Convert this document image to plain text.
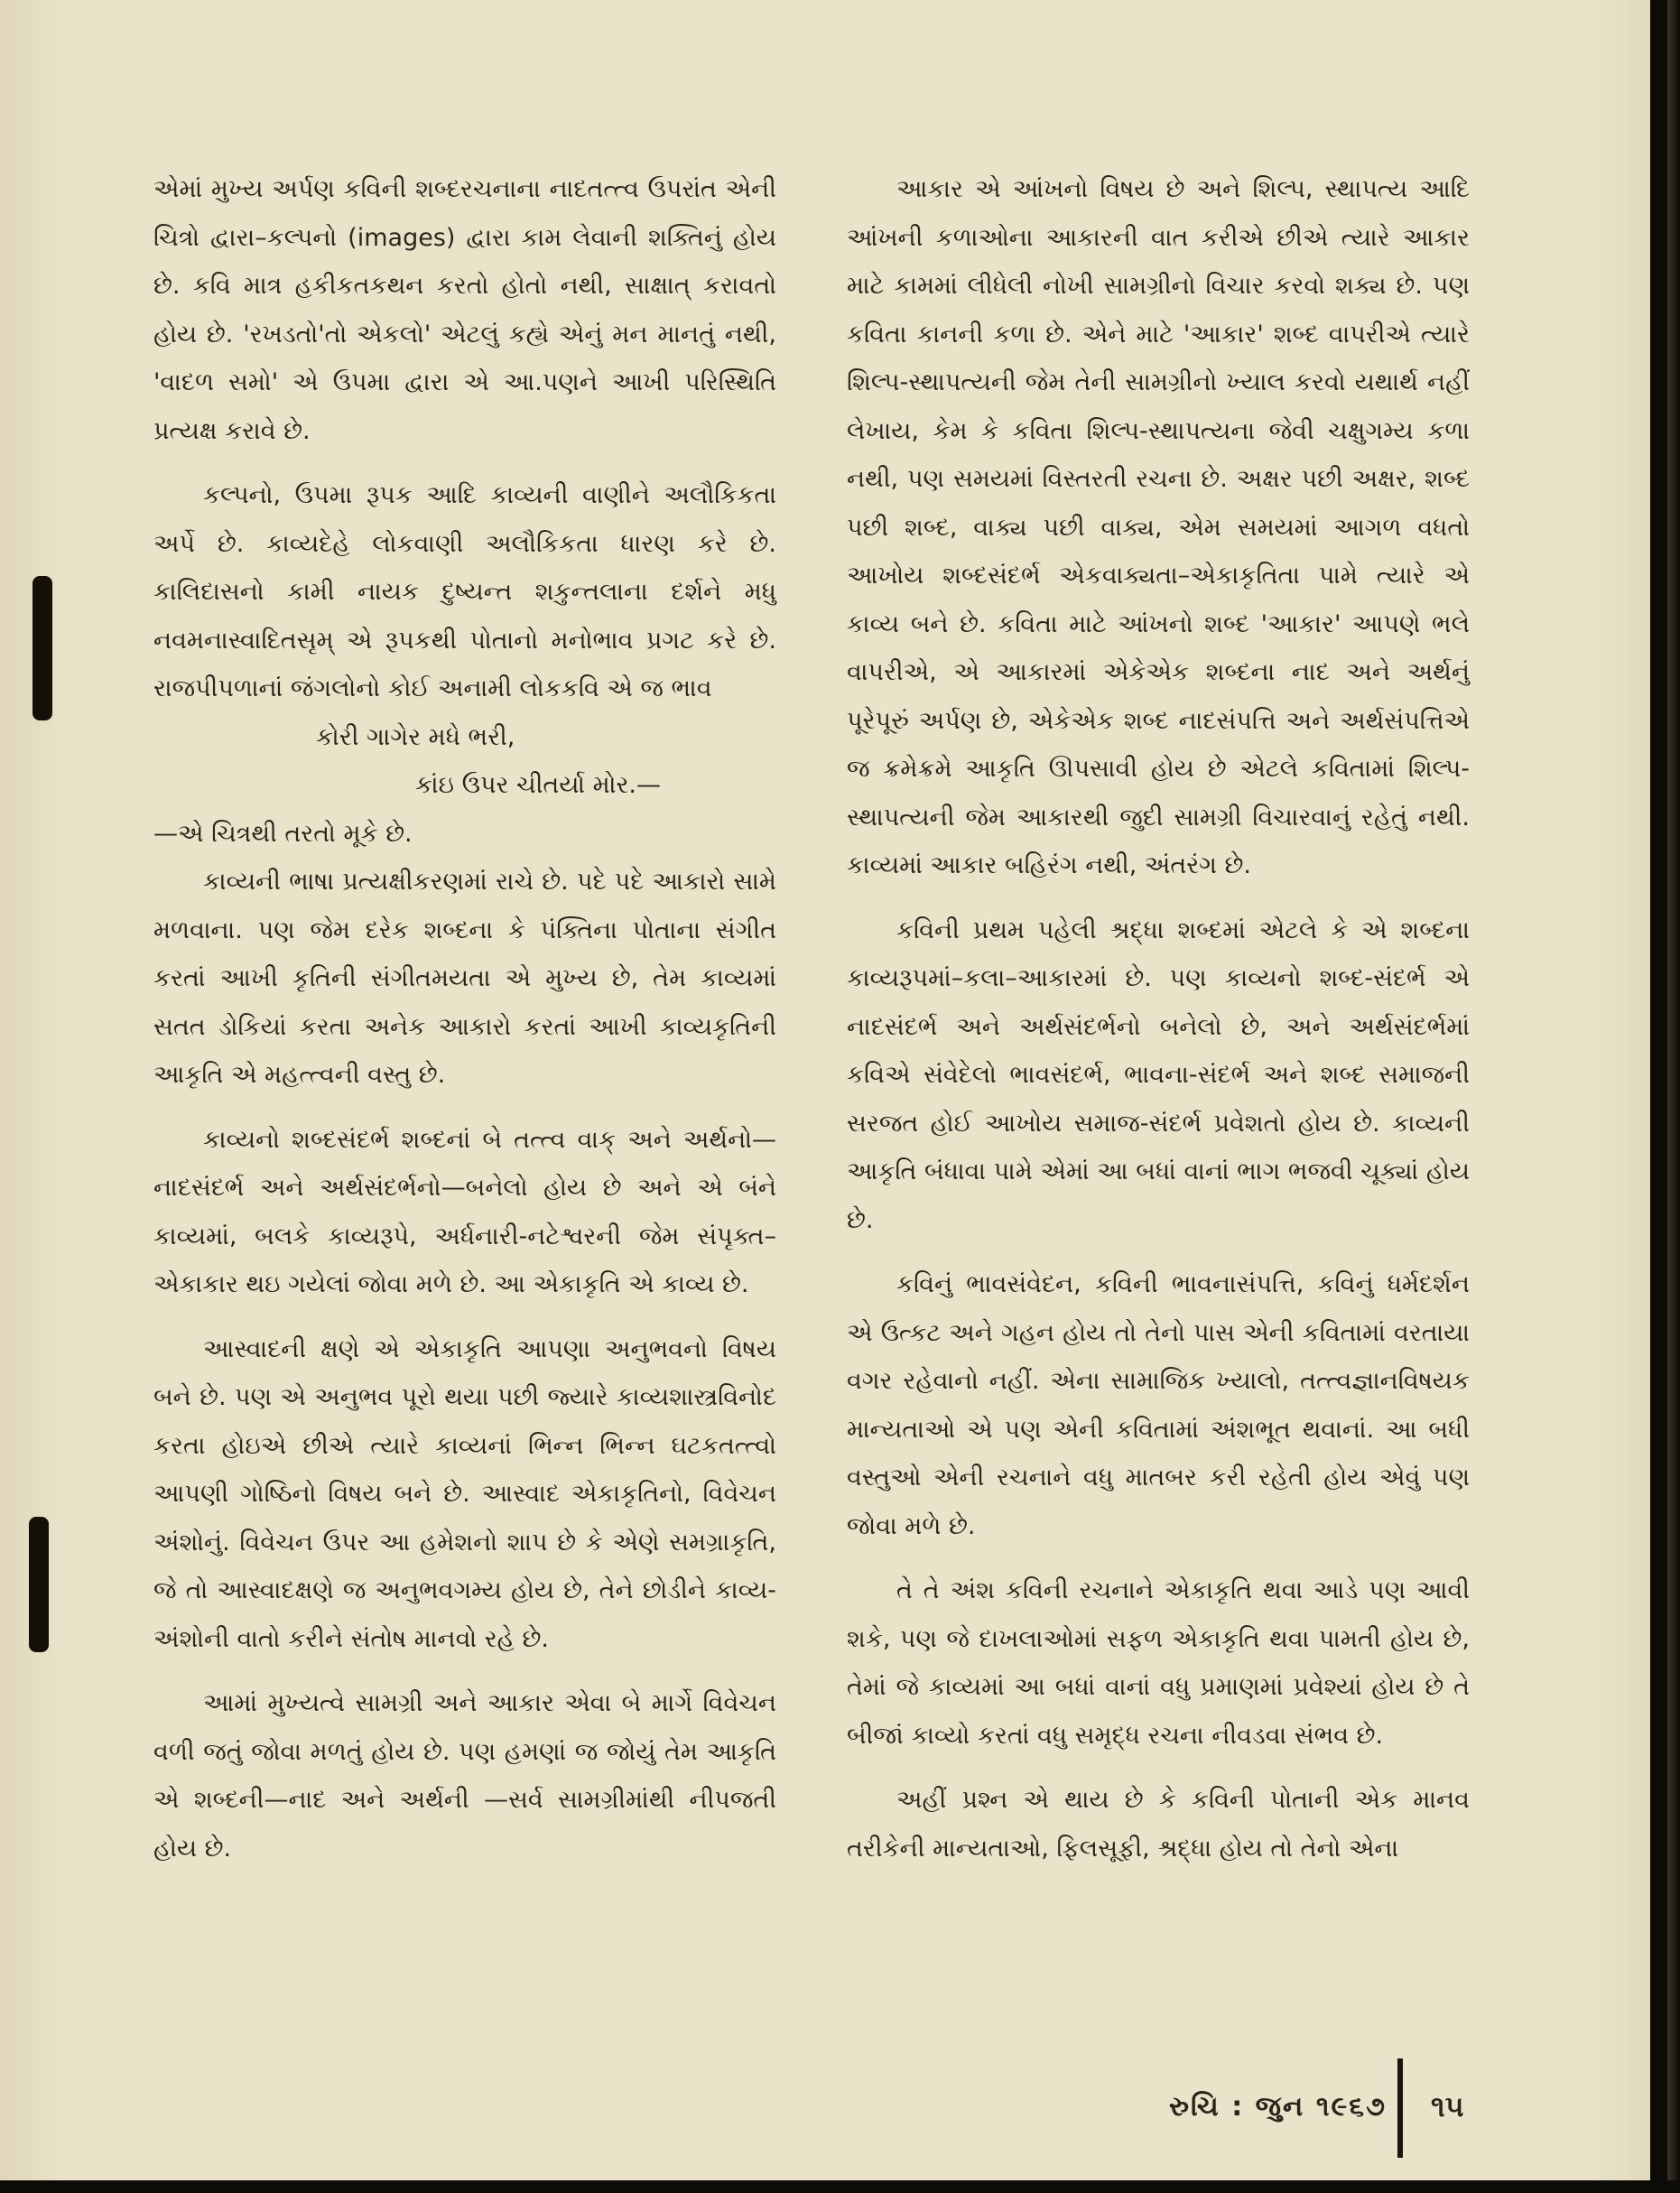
એમાં મુખ્ય અર્પણ કવિની શબ્દરચનાના નાદતત્ત્વ ઉપરાંત એની ચિત્રો દ્વારા–કલ્પનો (images) દ્વારા કામ લેવાની શક્તિનું હોય છે. કવિ માત્ર હકીકતકથન કરતો હોતો નથી, સાક્ષાત્ કરાવતો હોય છે. 'રખડતો'તો એકલો' એટલું કહ્યે એનું મન માનતું નથી, 'વાદળ સમો' એ ઉપમા દ્વારા એ આ.પણને આખી પરિસ્થિતિ પ્રત્યક્ષ કરાવે છે.

કલ્પનો, ઉપમા રૂપક આદિ કાવ્યની વાણીને અલૌકિકતા અર્પે છે. કાવ્યદેહે લોકવાણી અલૌકિકતા ધારણ કરે છે. કાલિદાસનો કામી નાયક દુષ્યન્ત શકુન્તલાના દર્શને મધુ નવમનાસ્વાદિતસૃમ્ એ રૂપકથી પોતાનો મનોભાવ પ્રગટ કરે છે. રાજપીપળાનાં જંગલોનો કોઈ અનામી લોકકવિ એ જ ભાવ

કોરી ગાગેર મધે ભરી,

કાંઇ ઉપર ચીતર્યા મોર.—

—એ ચિત્રથી તરતો મૂકે છે.

કાવ્યની ભાષા પ્રત્યક્ષીકરણમાં રાચે છે. પદે પદે આકારો સામે મળવાના. પણ જેમ દરેક શબ્દના કે પંક્તિના પોતાના સંગીત કરતાં આખી કૃતિની સંગીતમયતા એ મુખ્ય છે, તેમ કાવ્યમાં સતત ડોકિયાં કરતા અનેક આકારો કરતાં આખી કાવ્યકૃતિની આકૃતિ એ મહત્ત્વની વસ્તુ છે.

કાવ્યનો શબ્દસંદર્ભ શબ્દનાં બે તત્ત્વ વાક્ અને અર્થનો—નાદસંદર્ભ અને અર્થસંદર્ભનો—બનેલો હોય છે અને એ બંને કાવ્યમાં, બલકે કાવ્યરૂપે, અર્ધનારી-નટેશ્વરની જેમ સંપૃક્ત–એકાકાર થઇ ગયેલાં જોવા મળે છે. આ એકાકૃતિ એ કાવ્ય છે.

આસ્વાદની ક્ષણે એ એકાકૃતિ આપણા અનુભવનો વિષય બને છે. પણ એ અનુભવ પૂરો થયા પછી જ્યારે કાવ્યશાસ્ત્રવિનોદ કરતા હોઇએ છીએ ત્યારે કાવ્યનાં ભિન્ન ભિન્ન ઘટકતત્ત્વો આપણી ગોષ્ઠિનો વિષય બને છે. આસ્વાદ એકાકૃતિનો, વિવેચન અંશોનું. વિવેચન ઉપર આ હમેશનો શાપ છે કે એણે સમગ્રાકૃતિ, જે તો આસ્વાદક્ષણે જ અનુભવગમ્ય હોય છે, તેને છોડીને કાવ્ય-અંશોની વાતો કરીને સંતોષ માનવો રહે છે.

આમાં મુખ્યત્વે સામગ્રી અને આકાર એવા બે માર્ગે વિવેચન વળી જતું જોવા મળતું હોય છે. પણ હમણાં જ જોયું તેમ આકૃતિ એ શબ્દની—નાદ અને અર્થની —સર્વ સામગ્રીમાંથી નીપજતી હોય છે.

આકાર એ આંખનો વિષય છે અને શિલ્પ, સ્થાપત્ય આદિ આંખની કળાઓના આકારની વાત કરીએ છીએ ત્યારે આકાર માટે કામમાં લીધેલી નોખી સામગ્રીનો વિચાર કરવો શક્ય છે. પણ કવિતા કાનની કળા છે. એને માટે 'આકાર' શબ્દ વાપરીએ ત્યારે શિલ્પ-સ્થાપત્યની જેમ તેની સામગ્રીનો ખ્યાલ કરવો યથાર્થ નહીં લેખાય, કેમ કે કવિતા શિલ્પ-સ્થાપત્યના જેવી ચક્ષુગમ્ય કળા નથી, પણ સમયમાં વિસ્તરતી રચના છે. અક્ષર પછી અક્ષર, શબ્દ પછી શબ્દ, વાક્ય પછી વાક્ય, એમ સમયમાં આગળ વધતો આખોય શબ્દસંદર્ભ એકવાક્યતા–એકાકૃતિતા પામે ત્યારે એ કાવ્ય બને છે. કવિતા માટે આંખનો શબ્દ 'આકાર' આપણે ભલે વાપરીએ, એ આકારમાં એકેએક શબ્દના નાદ અને અર્થનું પૂરેપૂરું અર્પણ છે, એકેએક શબ્દ નાદસંપત્તિ અને અર્થસંપત્તિએ જ ક્રમેક્રમે આકૃતિ ઊપસાવી હોય છે એટલે કવિતામાં શિલ્પ-સ્થાપત્યની જેમ આકારથી જુદી સામગ્રી વિચારવાનું રહેતું નથી. કાવ્યમાં આકાર બહિરંગ નથી, અંતરંગ છે.

કવિની પ્રથમ પહેલી શ્રદ્ધા શબ્દમાં એટલે કે એ શબ્દના કાવ્યરૂપમાં–કલા–આકારમાં છે. પણ કાવ્યનો શબ્દ-સંદર્ભ એ નાદસંદર્ભ અને અર્થસંદર્ભનો બનેલો છે, અને અર્થસંદર્ભમાં કવિએ સંવેદેલો ભાવસંદર્ભ, ભાવના-સંદર્ભ અને શબ્દ સમાજની સરજત હોઈ આખોય સમાજ-સંદર્ભ પ્રવેશતો હોય છે. કાવ્યની આકૃતિ બંધાવા પામે એમાં આ બધાં વાનાં ભાગ ભજવી ચૂક્યાં હોય છે.

કવિનું ભાવસંવેદન, કવિની ભાવનાસંપત્તિ, કવિનું ધર્મદર્શન એ ઉત્કટ અને ગહન હોય તો તેનો પાસ એની કવિતામાં વરતાયા વગર રહેવાનો નહીં. એના સામાજિક ખ્યાલો, તત્ત્વજ્ઞાનવિષયક માન્યતાઓ એ પણ એની કવિતામાં અંશભૂત થવાનાં. આ બધી વસ્તુઓ એની રચનાને વધુ માતબર કરી રહેતી હોય એવું પણ જોવા મળે છે.

તે તે અંશ કવિની રચનાને એકાકૃતિ થવા આડે પણ આવી શકે, પણ જે દાખલાઓમાં સફળ એકાકૃતિ થવા પામતી હોય છે, તેમાં જે કાવ્યમાં આ બધાં વાનાં વધુ પ્રમાણમાં પ્રવેશ્યાં હોય છે તે બીજાં કાવ્યો કરતાં વધુ સમૃદ્ધ રચના નીવડવા સંભવ છે.

અહીં પ્રશ્ન એ થાય છે કે કવિની પોતાની એક માનવ તરીકેની માન્યતાઓ, ફિલસૂફી, શ્રદ્ધા હોય તો તેનો એના

રુચિ : જુન ૧૯૬૭ ૧૫
